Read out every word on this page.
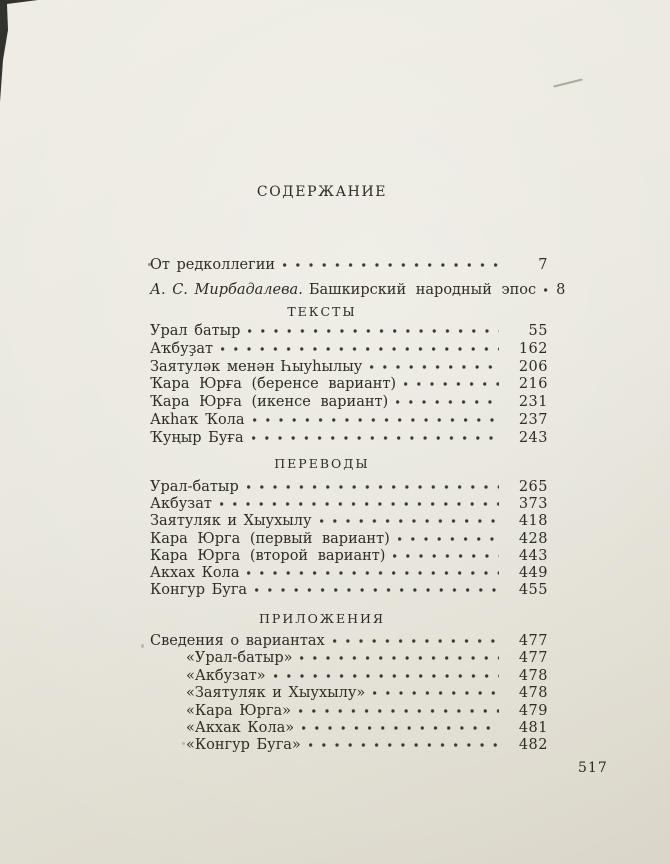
СОДЕРЖАНИЕ
От редколлегии	7
А. С. Мирбадалева. Башкирский народный эпос 8
ТЕКСТЫ
Урал батыр	55
Аҡбуҙат	162
Заятуләк менән Һыуһылыу	206
Ҡара Юрға (беренсе вариант)	216
Ҡара Юрға (икенсе вариант)	231
Акһаҡ Ҡола	237
Ҡуңыр Буға	243
ПЕРЕВОДЫ
Урал-батыр	265
Акбузат	373
Заятуляк и Хыухылу	418
Кара Юрга (первый вариант)	428
Кара Юрга (второй вариант)	443
Акхах Кола	449
Конгур Буга	455
ПРИЛОЖЕНИЯ
Сведения о вариантах	477
«Урал-батыр»	477
«Акбузат»	478
«Заятуляк и Хыухылу»	478
«Кара Юрга»	479
«Акхак Кола»	481
«Конгур Буга»	482
517
